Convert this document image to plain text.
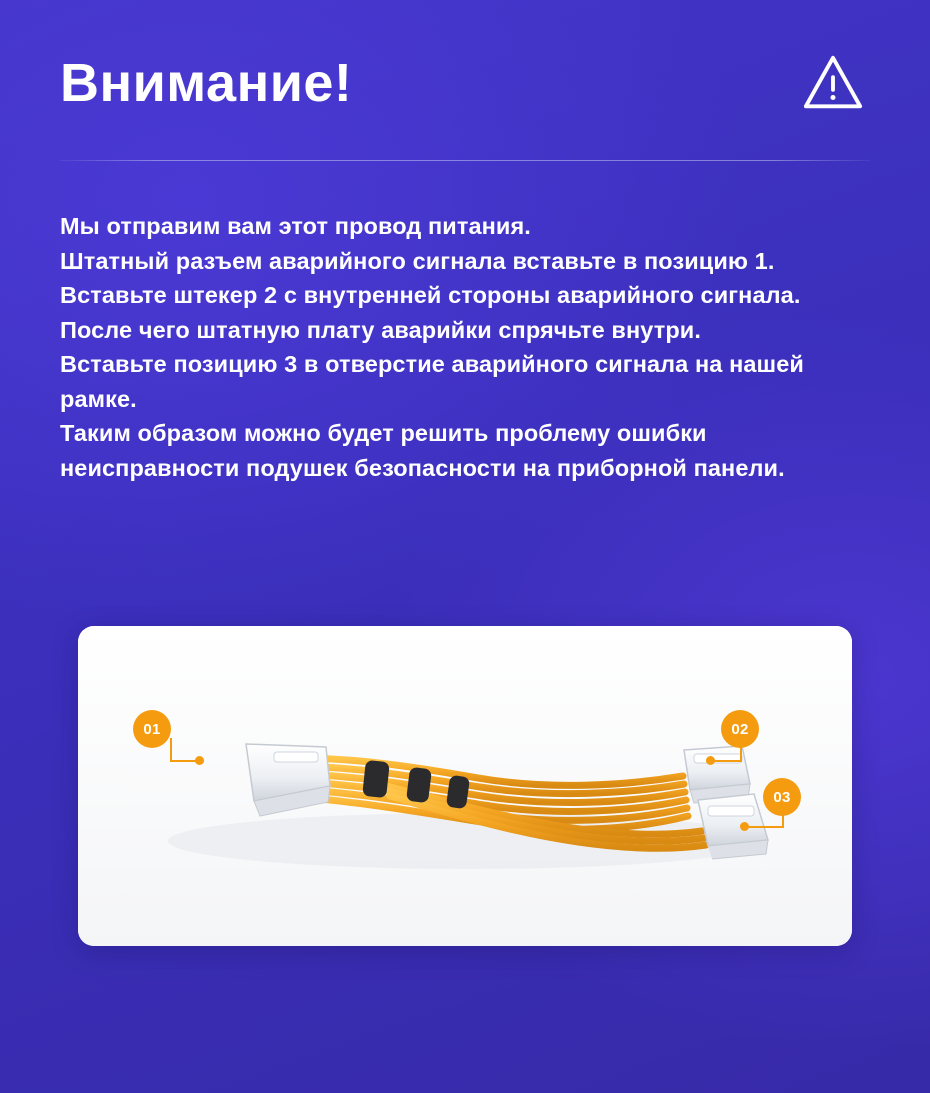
Внимание!

Мы отправим вам этот провод питания.

Штатный разъем аварийного сигнала вставьте в позицию 1.

Вставьте штекер 2 с внутренней стороны аварийного сигнала. После чего штатную плату аварийки спрячьте внутри.

Вставьте позицию 3 в отверстие аварийного сигнала на нашей рамке.

Таким образом можно будет решить проблему ошибки неисправности подушек безопасности на приборной панели.

01	02
03
